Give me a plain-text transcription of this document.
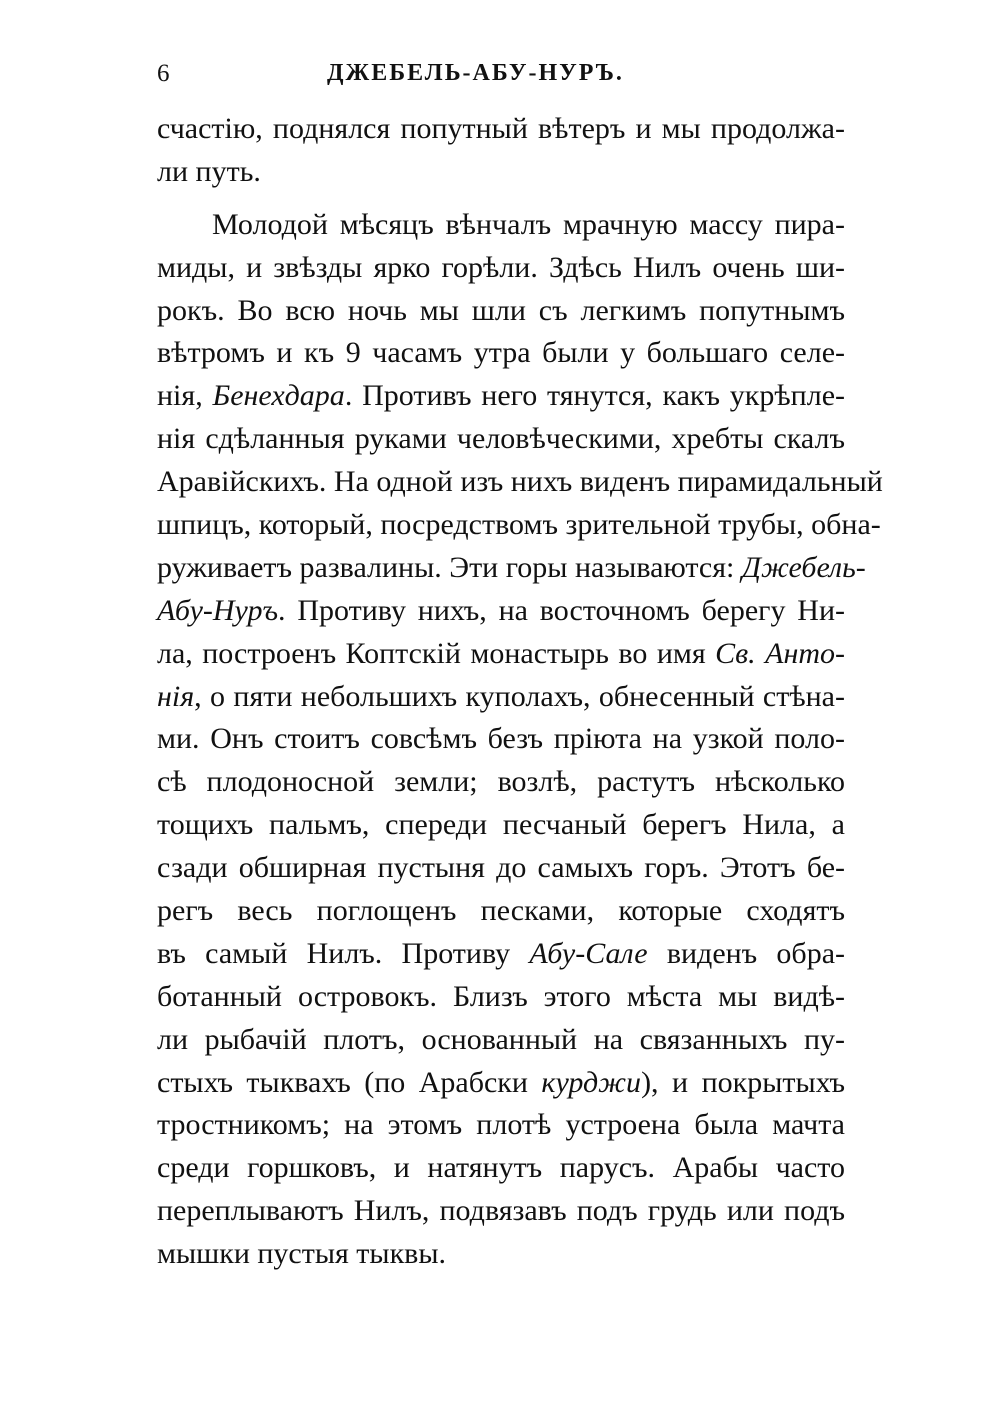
6	ДЖЕБЕЛЬ-АБУ-НУРЪ.
счастію, поднялся попутный вѣтеръ и мы продолжа-
ли путь.
Молодой мѣсяцъ вѣнчалъ мрачную массу пира-
миды, и звѣзды ярко горѣли. Здѣсь Нилъ очень ши-
рокъ. Во всю ночь мы шли съ легкимъ попутнымъ
вѣтромъ и къ 9 часамъ утра были у большаго селе-
нія, Бенехдара. Противъ него тянутся, какъ укрѣпле-
нія сдѣланныя руками человѣческими, хребты скалъ
Аравійскихъ. На одной изъ нихъ виденъ пирамидальный
шпицъ, который, посредствомъ зрительной трубы, обна-
руживаетъ развалины. Эти горы называются: Джебель-
Абу-Нуръ. Противу нихъ, на восточномъ берегу Ни-
ла, построенъ Коптскій монастырь во имя Св. Анто-
нія, о пяти небольшихъ куполахъ, обнесенный стѣна-
ми. Онъ стоитъ совсѣмъ безъ пріюта на узкой поло-
сѣ плодоносной земли; возлѣ, растутъ нѣсколько
тощихъ пальмъ, спереди песчаный берегъ Нила, а
сзади обширная пустыня до самыхъ горъ. Этотъ бе-
регъ весь поглощенъ песками, которые сходятъ
въ самый Нилъ. Противу Абу-Сале виденъ обра-
ботанный островокъ. Близъ этого мѣста мы видѣ-
ли рыбачій плотъ, основанный на связанныхъ пу-
стыхъ тыквахъ (по Арабски курджи), и покрытыхъ
тростникомъ; на этомъ плотѣ устроена была мачта
среди горшковъ, и натянутъ парусъ. Арабы часто
переплываютъ Нилъ, подвязавъ подъ грудь или подъ
мышки пустыя тыквы.
